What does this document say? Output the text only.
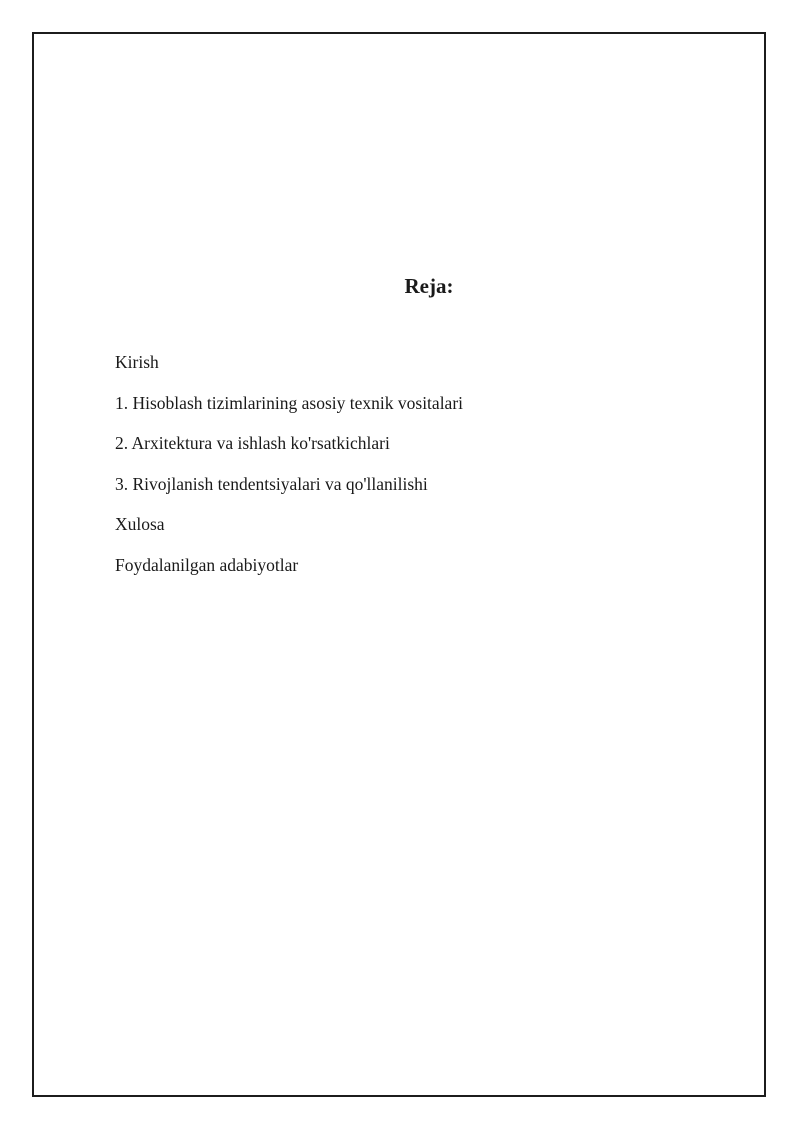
Reja:
Kirish
1. Hisoblash tizimlarining asosiy texnik vositalari
2. Arxitektura va ishlash ko'rsatkichlari
3. Rivojlanish tendentsiyalari va qo'llanilishi
Xulosa
Foydalanilgan adabiyotlar
